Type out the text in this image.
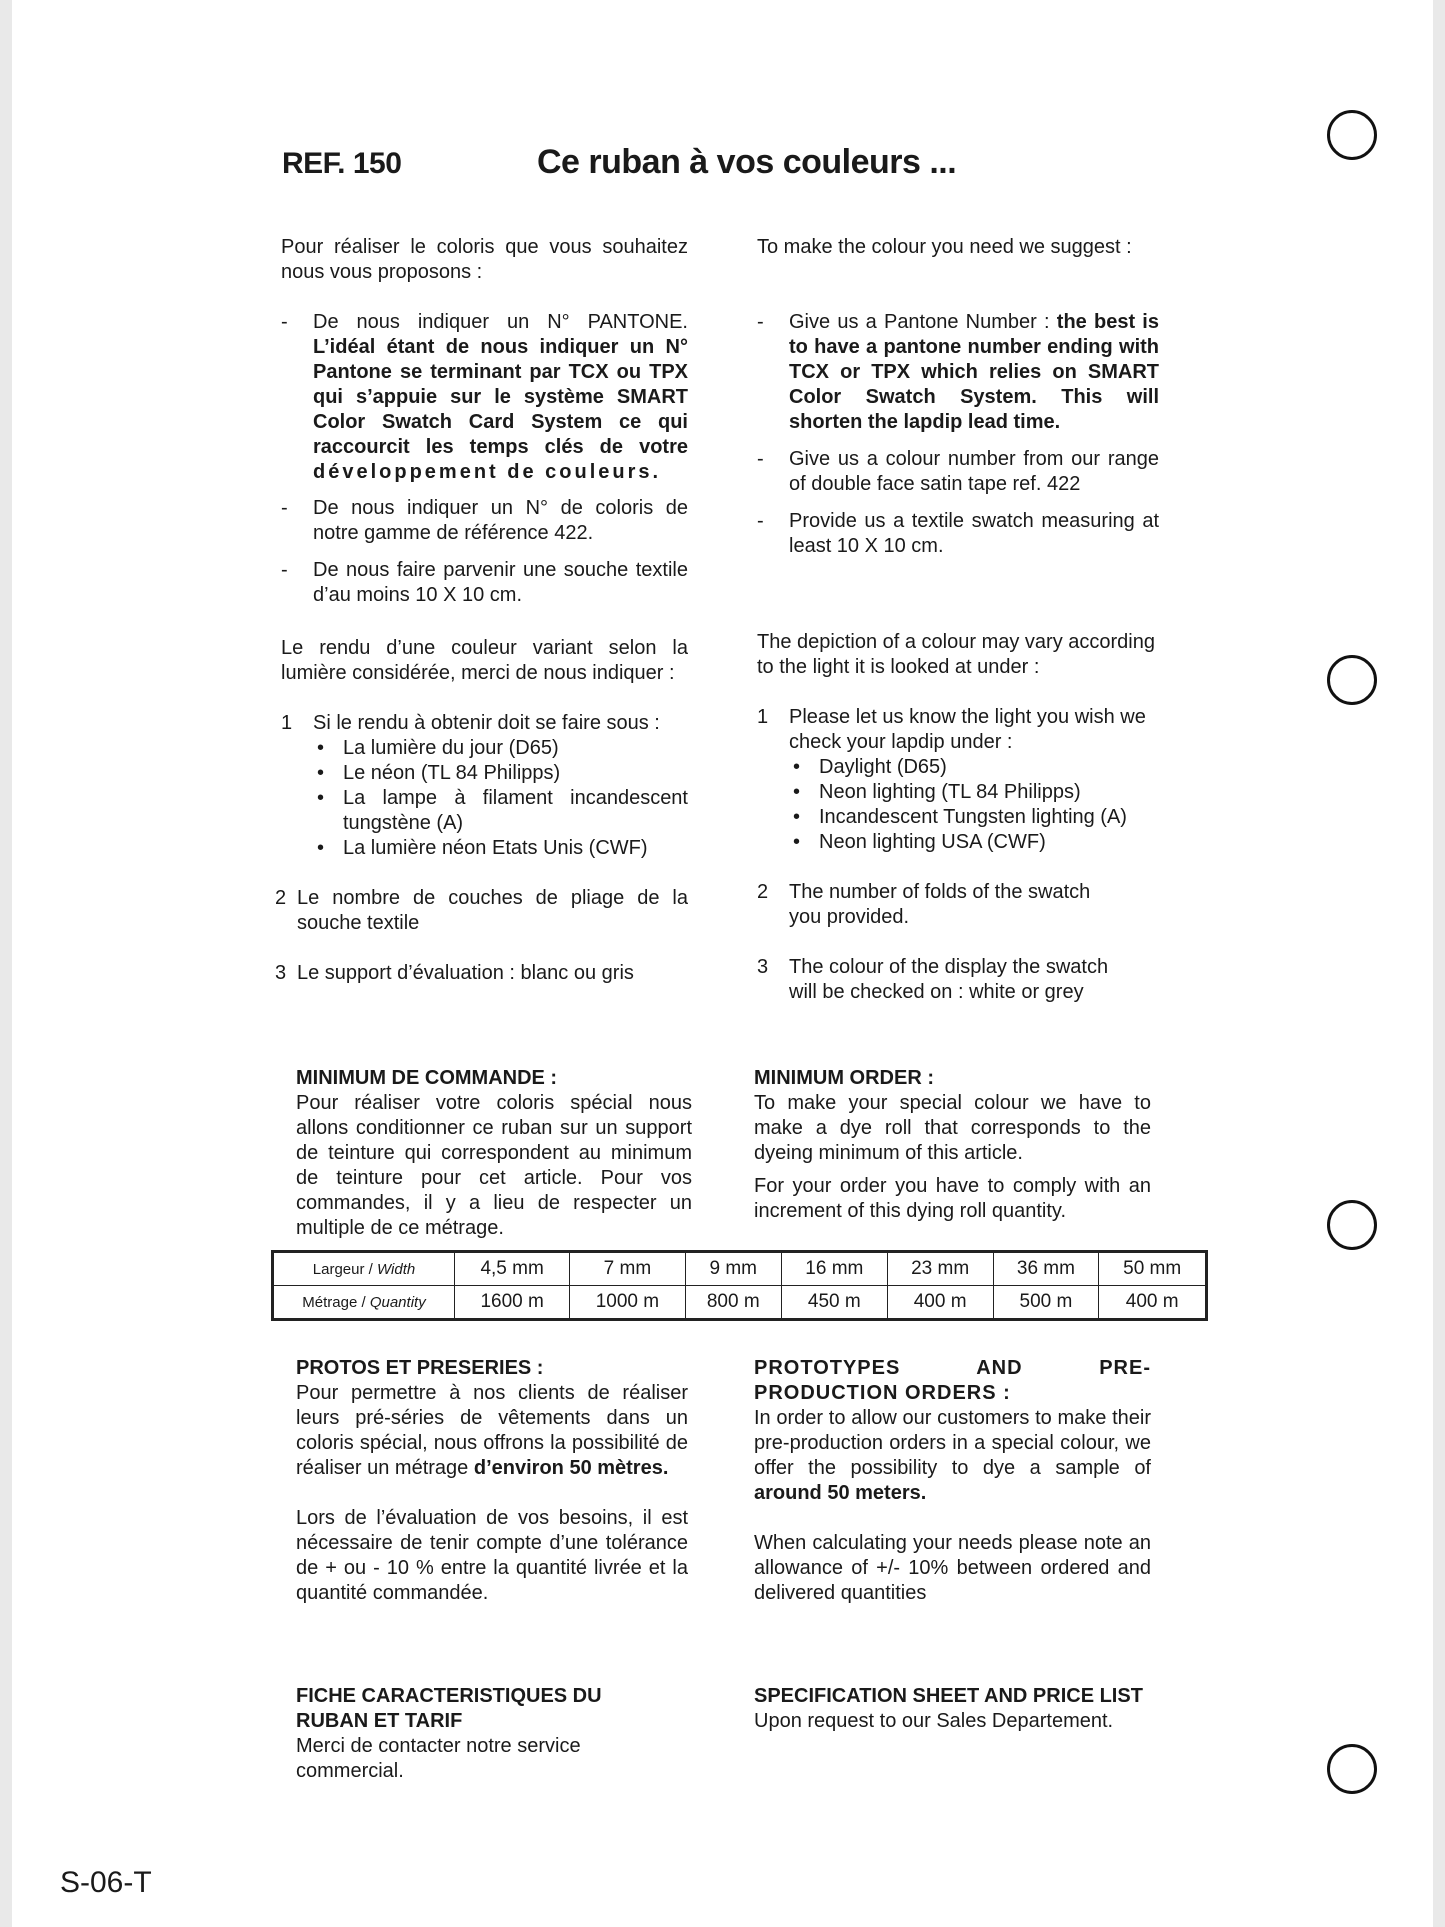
REF. 150	Ce ruban à vos couleurs ...

Pour réaliser le coloris que vous souhaitez nous vous proposons :

- De nous indiquer un N° PANTONE. L’idéal étant de nous indiquer un N° Pantone se terminant par TCX ou TPX qui s’appuie sur le système SMART Color Swatch Card System ce qui raccourcit les temps clés de votre développement de couleurs.
- De nous indiquer un N° de coloris de notre gamme de référence 422.
- De nous faire parvenir une souche textile d’au moins 10 X 10 cm.

To make the colour you need we suggest :

- Give us a Pantone Number : the best is to have a pantone number ending with TCX or TPX which relies on SMART Color Swatch System. This will shorten the lapdip lead time.
- Give us a colour number from our range of double face satin tape ref. 422
- Provide us a textile swatch measuring at least 10 X 10 cm.

Le rendu d’une couleur variant selon la lumière considérée, merci de nous indiquer :

1 Si le rendu à obtenir doit se faire sous :
• La lumière du jour (D65)
• Le néon (TL 84 Philipps)
• La lampe à filament incandescent tungstène (A)
• La lumière néon Etats Unis (CWF)
2 Le nombre de couches de pliage de la souche textile
3 Le support d’évaluation : blanc ou gris

The depiction of a colour may vary according to the light it is looked at under :

1 Please let us know the light you wish we check your lapdip under :
• Daylight (D65)
• Neon lighting (TL 84 Philipps)
• Incandescent Tungsten lighting (A)
• Neon lighting USA (CWF)
2 The number of folds of the swatch you provided.
3 The colour of the display the swatch will be checked on : white or grey

MINIMUM DE COMMANDE :

Pour réaliser votre coloris spécial nous allons conditionner ce ruban sur un support de teinture qui correspondent au minimum de teinture pour cet article. Pour vos commandes, il y a lieu de respecter un multiple de ce métrage.

MINIMUM ORDER :

To make your special colour we have to make a dye roll that corresponds to the dyeing minimum of this article.

For your order you have to comply with an increment of this dying roll quantity.

Largeur / Width	4,5 mm	7 mm	9 mm	16 mm	23 mm	36 mm	50 mm
Métrage / Quantity	1600 m	1000 m	800 m	450 m	400 m	500 m	400 m

PROTOS ET PRESERIES :

Pour permettre à nos clients de réaliser leurs pré-séries de vêtements dans un coloris spécial, nous offrons la possibilité de réaliser un métrage d’environ 50 mètres.

Lors de l’évaluation de vos besoins, il est nécessaire de tenir compte d’une tolérance de + ou - 10 % entre la quantité livrée et la quantité commandée.

PROTOTYPES AND PRE-PRODUCTION ORDERS :

In order to allow our customers to make their pre-production orders in a special colour, we offer the possibility to dye a sample of around 50 meters.

When calculating your needs please note an allowance of +/- 10% between ordered and delivered quantities

FICHE CARACTERISTIQUES DU RUBAN ET TARIF

Merci de contacter notre service commercial.

SPECIFICATION SHEET AND PRICE LIST

Upon request to our Sales Departement.

S-06-T
